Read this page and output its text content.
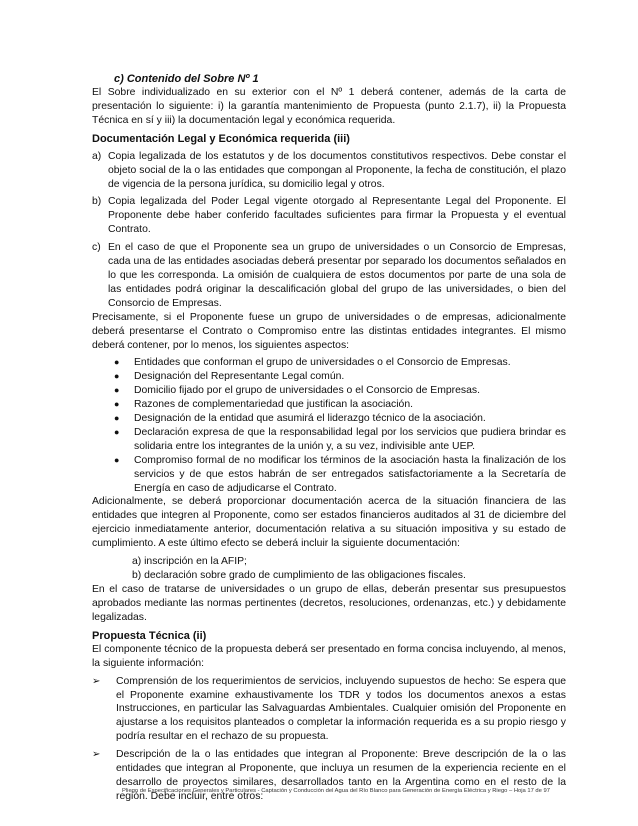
c) Contenido del Sobre Nº 1

El Sobre individualizado en su exterior con el Nº 1 deberá contener, además de la carta de presentación lo siguiente: i) la garantía mantenimiento de Propuesta (punto 2.1.7), ii) la Propuesta Técnica en sí y iii) la documentación legal y económica requerida.

Documentación Legal y Económica requerida (iii)
a) Copia legalizada de los estatutos y de los documentos constitutivos respectivos. Debe constar el objeto social de la o las entidades que compongan al Proponente, la fecha de constitución, el plazo de vigencia de la persona jurídica, su domicilio legal y otros.
b) Copia legalizada del Poder Legal vigente otorgado al Representante Legal del Proponente. El Proponente debe haber conferido facultades suficientes para firmar la Propuesta y el eventual Contrato.
c) En el caso de que el Proponente sea un grupo de universidades o un Consorcio de Empresas, cada una de las entidades asociadas deberá presentar por separado los documentos señalados en lo que les corresponda. La omisión de cualquiera de estos documentos por parte de una sola de las entidades podrá originar la descalificación global del grupo de las universidades, o bien del Consorcio de Empresas.

Precisamente, si el Proponente fuese un grupo de universidades o de empresas, adicionalmente deberá presentarse el Contrato o Compromiso entre las distintas entidades integrantes. El mismo deberá contener, por lo menos, los siguientes aspectos:

●	Entidades que conforman el grupo de universidades o el Consorcio de Empresas.
●	Designación del Representante Legal común.
●	Domicilio fijado por el grupo de universidades o el Consorcio de Empresas.
●	Razones de complementariedad que justifican la asociación.
●	Designación de la entidad que asumirá el liderazgo técnico de la asociación.
●	Declaración expresa de que la responsabilidad legal por los servicios que pudiera brindar es solidaria entre los integrantes de la unión y, a su vez, indivisible ante UEP.
●	Compromiso formal de no modificar los términos de la asociación hasta la finalización de los servicios y de que estos habrán de ser entregados satisfactoriamente a la Secretaría de Energía en caso de adjudicarse el Contrato.

Adicionalmente, se deberá proporcionar documentación acerca de la situación financiera de las entidades que integren al Proponente, como ser estados financieros auditados al 31 de diciembre del ejercicio inmediatamente anterior, documentación relativa a su situación impositiva y su estado de cumplimiento. A este último efecto se deberá incluir la siguiente documentación:

a) inscripción en la AFIP;
b) declaración sobre grado de cumplimiento de las obligaciones fiscales.

En el caso de tratarse de universidades o un grupo de ellas, deberán presentar sus presupuestos aprobados mediante las normas pertinentes (decretos, resoluciones, ordenanzas, etc.) y debidamente legalizadas.

Propuesta Técnica (ii)

El componente técnico de la propuesta deberá ser presentado en forma concisa incluyendo, al menos, la siguiente información:

➢	Comprensión de los requerimientos de servicios, incluyendo supuestos de hecho: Se espera que el Proponente examine exhaustivamente los TDR y todos los documentos anexos a estas Instrucciones, en particular las Salvaguardas Ambientales. Cualquier omisión del Proponente en ajustarse a los requisitos planteados o completar la información requerida es a su propio riesgo y podría resultar en el rechazo de su propuesta.
➢	Descripción de la o las entidades que integran al Proponente: Breve descripción de la o las entidades que integran al Proponente, que incluya un resumen de la experiencia reciente en el desarrollo de proyectos similares, desarrollados tanto en la Argentina como en el resto de la región. Debe incluir, entre otros:
Pliego de Especificaciones Generales y Particulares - Captación y Conducción del Agua del Río Blanco para Generación de Energía Eléctrica y Riego – Hoja 17 de 97
